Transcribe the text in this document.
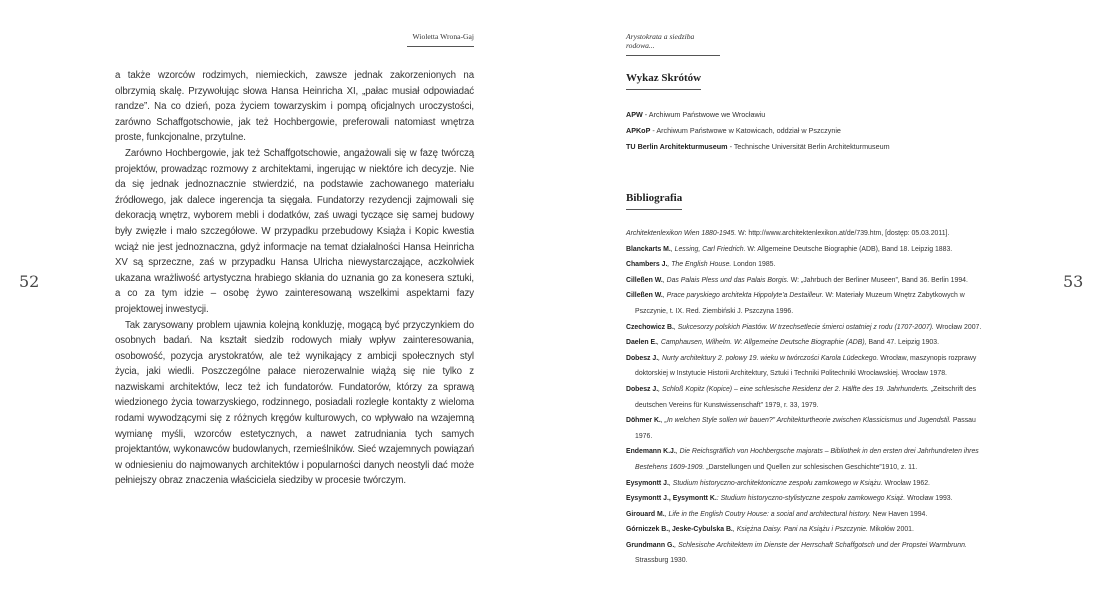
52	53
Wioletta Wrona-Gaj	Arystokrata a siedziba rodowa...

a także wzorców rodzimych, niemieckich, zawsze jednak zakorzenionych na olbrzymią skalę. Przywołując słowa Hansa Heinricha XI, „pałac musiał odpowiadać randze”. Na co dzień, poza życiem towarzyskim i pompą oficjalnych uroczystości, zarówno Schaffgotschowie, jak też Hochbergowie, preferowali natomiast wnętrza proste, funkcjonalne, przytulne.

Zarówno Hochbergowie, jak też Schaffgotschowie, angażowali się w fazę twórczą projektów, prowadząc rozmowy z architektami, ingerując w niektóre ich decyzje. Nie da się jednak jednoznacznie stwierdzić, na podstawie zachowanego materiału źródłowego, jak dalece ingerencja ta sięgała. Fundatorzy rezydencji zajmowali się dekoracją wnętrz, wyborem mebli i dodatków, zaś uwagi tyczące się samej budowy były zwięzłe i mało szczegółowe. W przypadku przebudowy Książa i Kopic kwestia wciąż nie jest jednoznaczna, gdyż informacje na temat działalności Hansa Heinricha XV są sprzeczne, zaś w przypadku Hansa Ulricha niewystarczające, aczkolwiek ukazana wrażliwość artystyczna hrabiego skłania do uznania go za konesera sztuki, a co za tym idzie – osobę żywo zainteresowaną wszelkimi aspektami fazy projektowej inwestycji.

Tak zarysowany problem ujawnia kolejną konkluzję, mogącą być przyczynkiem do osobnych badań. Na kształt siedzib rodowych miały wpływ zainteresowania, osobowość, pozycja arystokratów, ale też wynikający z ambicji społecznych styl życia, jaki wiedli. Poszczególne pałace nierozerwalnie wiążą się nie tylko z nazwiskami architektów, lecz też ich fundatorów. Fundatorów, którzy za sprawą wiedzionego życia towarzyskiego, rodzinnego, posiadali rozległe kontakty z wieloma rodami wywodzącymi się z różnych kręgów kulturowych, co wpływało na wzajemną wymianę myśli, wzorców estetycznych, a nawet zatrudniania tych samych projektantów, wykonawców budowlanych, rzemieślników. Sieć wzajemnych powiązań w odniesieniu do najmowanych architektów i popularności danych neostyli dać może pełniejszy obraz znaczenia właściciela siedziby w procesie twórczym.

Wykaz Skrótów
APW - Archiwum Państwowe we Wrocławiu
APKoP - Archiwum Państwowe w Katowicach, oddział w Pszczynie
TU Berlin Architekturmuseum - Technische Universität Berlin Architekturmuseum
Bibliografia
Architektenlexikon Wien 1880-1945. W: http://www.architektenlexikon.at/de/739.htm, [dostęp: 05.03.2011].
Blanckarts M., Lessing, Carl Friedrich. W: Allgemeine Deutsche Biographie (ADB), Band 18. Leipzig 1883.
Chambers J., The English House. London 1985.
Cilleßen W., Das Palais Pless und das Palais Borgis. W: „Jahrbuch der Berliner Museen”, Band 36. Berlin 1994.
Cilleßen W., Prace paryskiego architekta Hippolyte'a Destailleur. W: Materiały Muzeum Wnętrz Zabytkowych w Pszczynie, t. IX. Red. Ziembiński J. Pszczyna 1996.
Czechowicz B., Sukcesorzy polskich Piastów. W trzechsetlecie śmierci ostatniej z rodu (1707-2007). Wrocław 2007.
Daelen E., Camphausen, Wilhelm. W: Allgemeine Deutsche Biographie (ADB), Band 47. Leipzig 1903.
Dobesz J., Nurty architektury 2. połowy 19. wieku w twórczości Karola Lüdeckego. Wrocław, maszynopis rozprawy doktorskiej w Instytucie Historii Architektury, Sztuki i Techniki Politechniki Wrocławskiej. Wrocław 1978.
Dobesz J., Schloß Kopitz (Kopice) – eine schlesische Residenz der 2. Hälfte des 19. Jahrhunderts. „Zeitschrift des deutschen Vereins für Kunstwissenschaft” 1979, r. 33, 1979.
Döhmer K., „In welchen Style sollen wir bauen?” Architekturtheorie zwischen Klassicismus und Jugendstil. Passau 1976.
Endemann K.J., Die Reichsgräflich von Hochbergsche majorats – Bibliothek in den ersten drei Jahrhundreten ihres Bestehens 1609-1909. „Darstellungen und Quellen zur schlesischen Geschichte”1910, z. 11.
Eysymontt J., Studium historyczno-architektoniczne zespołu zamkowego w Książu. Wrocław 1962.
Eysymontt J., Eysymontt K.: Studium historyczno-stylistyczne zespołu zamkowego Książ. Wrocław 1993.
Girouard M., Life in the English Coutry House: a social and architectural history. New Haven 1994.
Górniczek B., Jeske-Cybulska B., Księżna Daisy. Pani na Książu i Pszczynie. Mikołów 2001.
Grundmann G., Schlesische Architektem im Dienste der Herrschaft Schaffgotsch und der Propstei Warmbrunn. Strassburg 1930.
